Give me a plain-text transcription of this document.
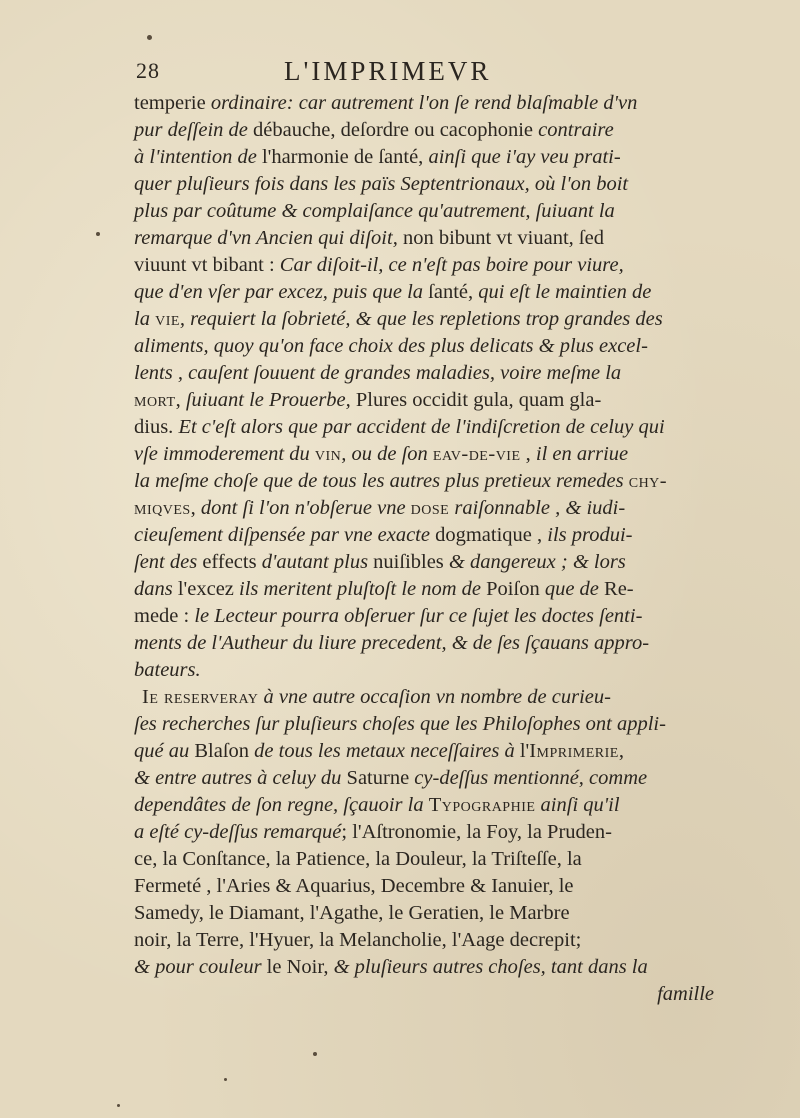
28	L'IMPRIMEVR
temperie ordinaire: car autrement l'on ſe rend blaſmable d'vn
pur deſſein de débauche, deſordre ou cacophonie contraire
à l'intention de l'harmonie de ſanté, ainſi que i'ay veu prati-
quer pluſieurs fois dans les païs Septentrionaux, où l'on boit
plus par coûtume & complaiſance qu'autrement, ſuiuant la
remarque d'vn Ancien qui diſoit, non bibunt vt viuant, ſed
viuunt vt bibant : Car diſoit-il, ce n'eſt pas boire pour viure,
que d'en vſer par excez, puis que la ſanté, qui eſt le maintien de
la vie, requiert la ſobrieté, & que les repletions trop grandes des
aliments, quoy qu'on face choix des plus delicats & plus excel-
lents , cauſent ſouuent de grandes maladies, voire meſme la
mort, ſuiuant le Prouerbe, Plures occidit gula, quam gla-
dius. Et c'eſt alors que par accident de l'indiſcretion de celuy qui
vſe immoderement du vin, ou de ſon eav-de-vie , il en arriue
la meſme choſe que de tous les autres plus pretieux remedes chy-
miqves, dont ſi l'on n'obſerue vne dose raiſonnable , & iudi-
cieuſement diſpensée par vne exacte dogmatique , ils produi-
ſent des effects d'autant plus nuiſibles & dangereux ; & lors
dans l'excez ils meritent pluſtoſt le nom de Poiſon que de Re-
mede : le Lecteur pourra obſeruer ſur ce ſujet les doctes ſenti-
ments de l'Autheur du liure precedent, & de ſes ſçauans appro-
bateurs.
Ie reserveray à vne autre occaſion vn nombre de curieu-
ſes recherches ſur pluſieurs choſes que les Philoſophes ont appli-
qué au Blaſon de tous les metaux neceſſaires à l'Imprimerie,
& entre autres à celuy du Saturne cy-deſſus mentionné, comme
dependâtes de ſon regne, ſçauoir la Typographie ainſi qu'il
a eſté cy-deſſus remarqué; l'Aſtronomie, la Foy, la Pruden-
ce, la Conſtance, la Patience, la Douleur, la Triſteſſe, la
Fermeté , l'Aries & Aquarius, Decembre & Ianuier, le
Samedy, le Diamant, l'Agathe, le Geratien, le Marbre
noir, la Terre, l'Hyuer, la Melancholie, l'Aage decrepit;
& pour couleur le Noir, & pluſieurs autres choſes, tant dans la
famille
